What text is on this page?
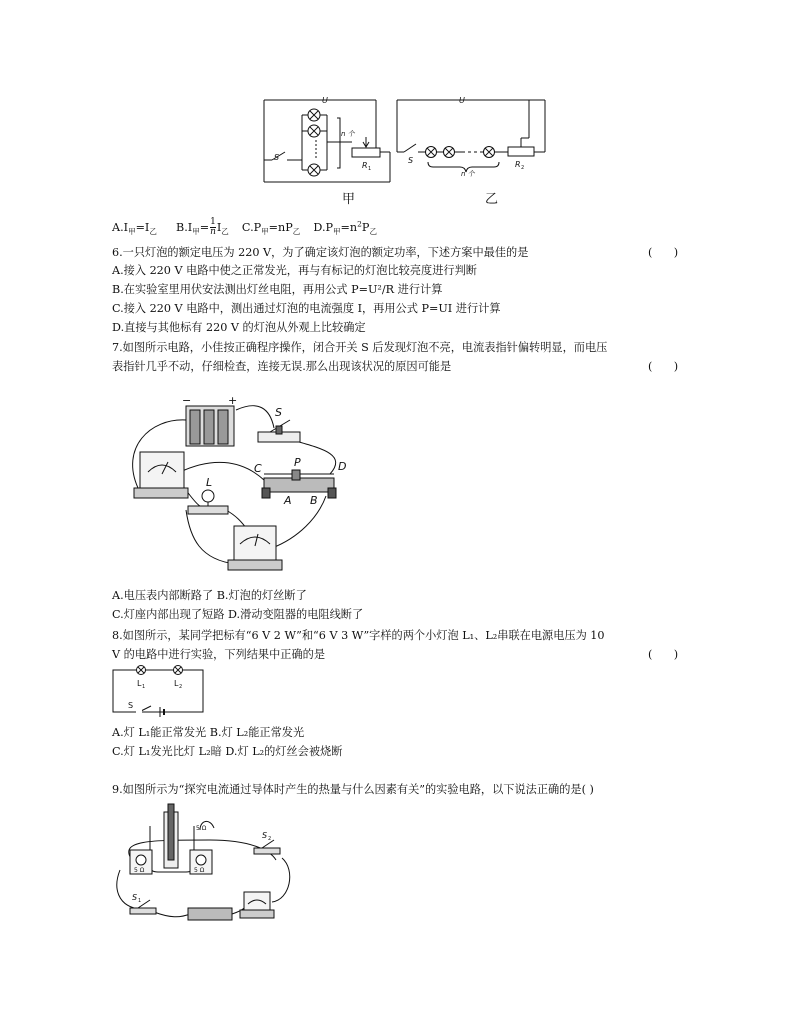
U	U
S	S
R	R
n 个
n 个
1	2
甲	乙
$A.I_甲=I_乙$ $B.I_甲= \frac{1}{n} I_乙$ $C.P_甲=nP_乙$ $D.P_甲=n^2P_乙$
6.一只灯泡的额定电压为 220 V，为了确定该灯泡的额定功率，下述方案中最佳的是	(      )
A.接入 220 V 电路中使之正常发光，再与有标记的灯泡比较亮度进行判断
B.在实验室里用伏安法测出灯丝电阻，再用公式 P=U²/R 进行计算
C.接入 220 V 电路中，测出通过灯泡的电流强度 I，再用公式 P=UI 进行计算
D.直接与其他标有 220 V 的灯泡从外观上比较确定
7.如图所示电路，小佳按正确程序操作，闭合开关 S 后发现灯泡不亮，电流表指针偏转明显，而电压
表指针几乎不动，仔细检查，连接无误.那么出现该状况的原因可能是	(      )
S
−	+
C	P	D
A B
L
A.电压表内部断路了 B.灯泡的灯丝断了
C.灯座内部出现了短路 D.滑动变阻器的电阻线断了
8.如图所示，某同学把标有“6 V 2 W”和“6 V 3 W”字样的两个小灯泡 L₁、L₂串联在电源电压为 10
V 的电路中进行实验，下列结果中正确的是	(      )
L 1	L 2
S
A.灯 L₁能正常发光 B.灯 L₂能正常发光
C.灯 L₁发光比灯 L₂暗 D.灯 L₂的灯丝会被烧断
9.如图所示为“探究电流通过导体时产生的热量与什么因素有关”的实验电路，以下说法正确的是( )
5 Ω	5 Ω
5 Ω
S 2
S 1
